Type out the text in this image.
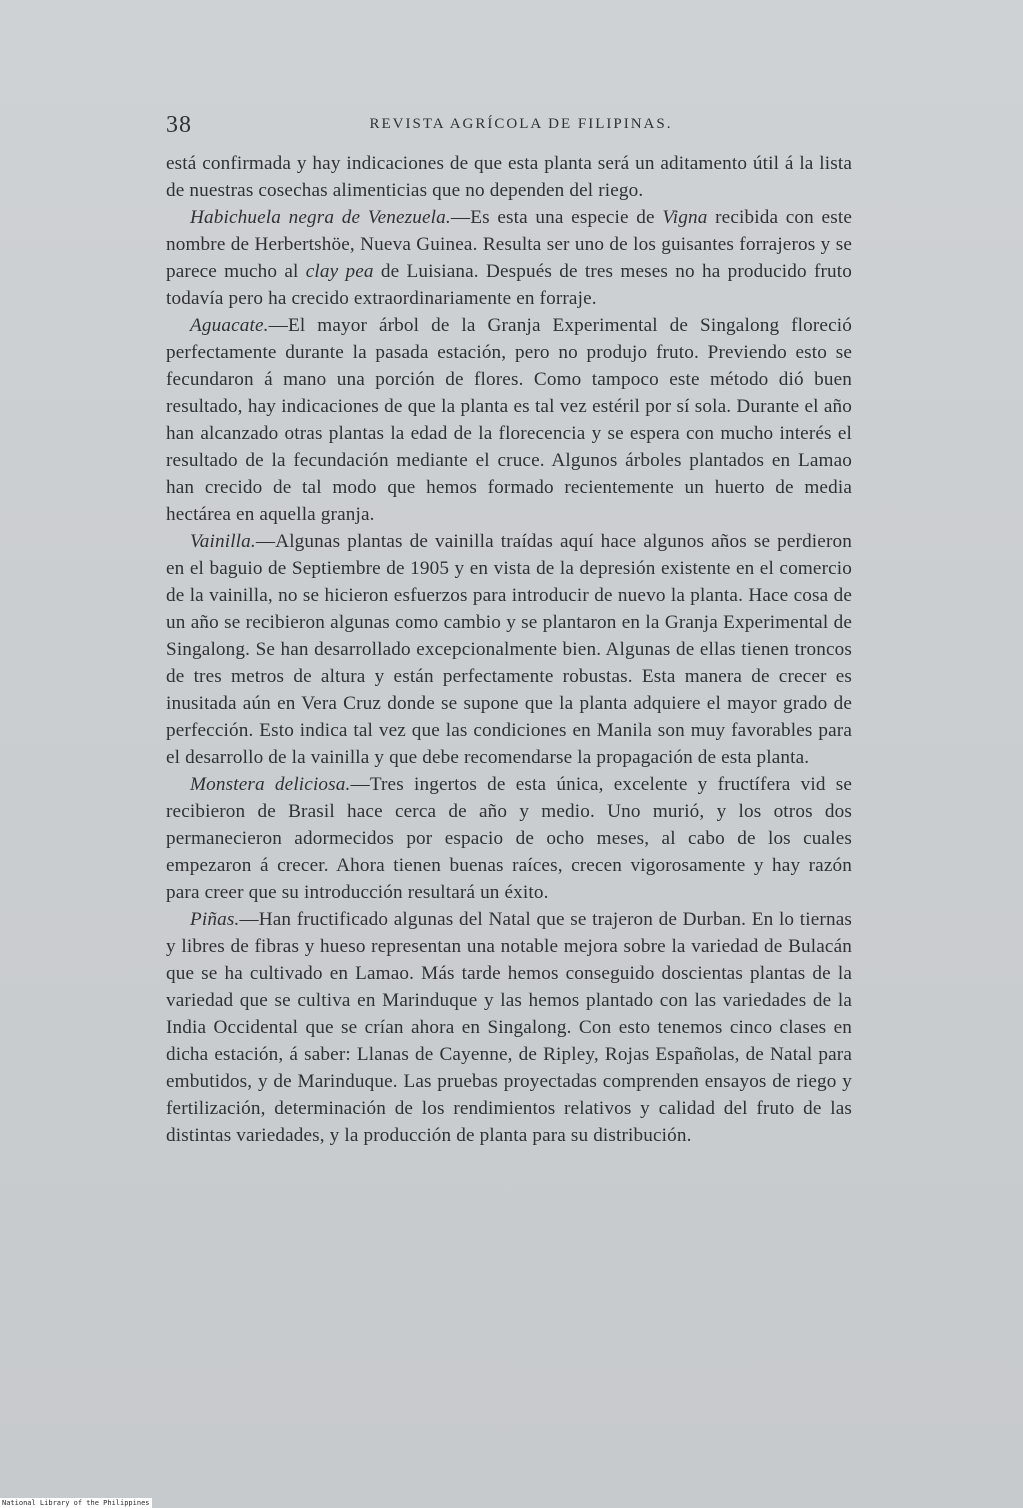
38	REVISTA AGRÍCOLA DE FILIPINAS.

está confirmada y hay indicaciones de que esta planta será un aditamento útil á la lista de nuestras cosechas alimenticias que no dependen del riego.

Habichuela negra de Venezuela.—Es esta una especie de Vigna recibida con este nombre de Herbertshöe, Nueva Guinea. Resulta ser uno de los guisantes forrajeros y se parece mucho al clay pea de Luisiana. Después de tres meses no ha producido fruto todavía pero ha crecido extraordinariamente en forraje.

Aguacate.—El mayor árbol de la Granja Experimental de Singalong floreció perfectamente durante la pasada estación, pero no produjo fruto. Previendo esto se fecundaron á mano una porción de flores. Como tampoco este método dió buen resultado, hay indicaciones de que la planta es tal vez estéril por sí sola. Durante el año han alcanzado otras plantas la edad de la florecencia y se espera con mucho interés el resultado de la fecundación mediante el cruce. Algunos árboles plantados en Lamao han crecido de tal modo que hemos formado recientemente un huerto de media hectárea en aquella granja.

Vainilla.—Algunas plantas de vainilla traídas aquí hace algunos años se perdieron en el baguio de Septiembre de 1905 y en vista de la depresión existente en el comercio de la vainilla, no se hicieron esfuerzos para introducir de nuevo la planta. Hace cosa de un año se recibieron algunas como cambio y se plantaron en la Granja Experimental de Singalong. Se han desarrollado excepcionalmente bien. Algunas de ellas tienen troncos de tres metros de altura y están perfectamente robustas. Esta manera de crecer es inusitada aún en Vera Cruz donde se supone que la planta adquiere el mayor grado de perfección. Esto indica tal vez que las condiciones en Manila son muy favorables para el desarrollo de la vainilla y que debe recomendarse la propagación de esta planta.

Monstera deliciosa.—Tres ingertos de esta única, excelente y fructífera vid se recibieron de Brasil hace cerca de año y medio. Uno murió, y los otros dos permanecieron adormecidos por espacio de ocho meses, al cabo de los cuales empezaron á crecer. Ahora tienen buenas raíces, crecen vigorosamente y hay razón para creer que su introducción resultará un éxito.

Piñas.—Han fructificado algunas del Natal que se trajeron de Durban. En lo tiernas y libres de fibras y hueso representan una notable mejora sobre la variedad de Bulacán que se ha cultivado en Lamao. Más tarde hemos conseguido doscientas plantas de la variedad que se cultiva en Marinduque y las hemos plantado con las variedades de la India Occidental que se crían ahora en Singalong. Con esto tenemos cinco clases en dicha estación, á saber: Llanas de Cayenne, de Ripley, Rojas Españolas, de Natal para embutidos, y de Marinduque. Las pruebas proyectadas comprenden ensayos de riego y fertilización, determinación de los rendimientos relativos y calidad del fruto de las distintas variedades, y la producción de planta para su distribución.

National Library of the Philippines
